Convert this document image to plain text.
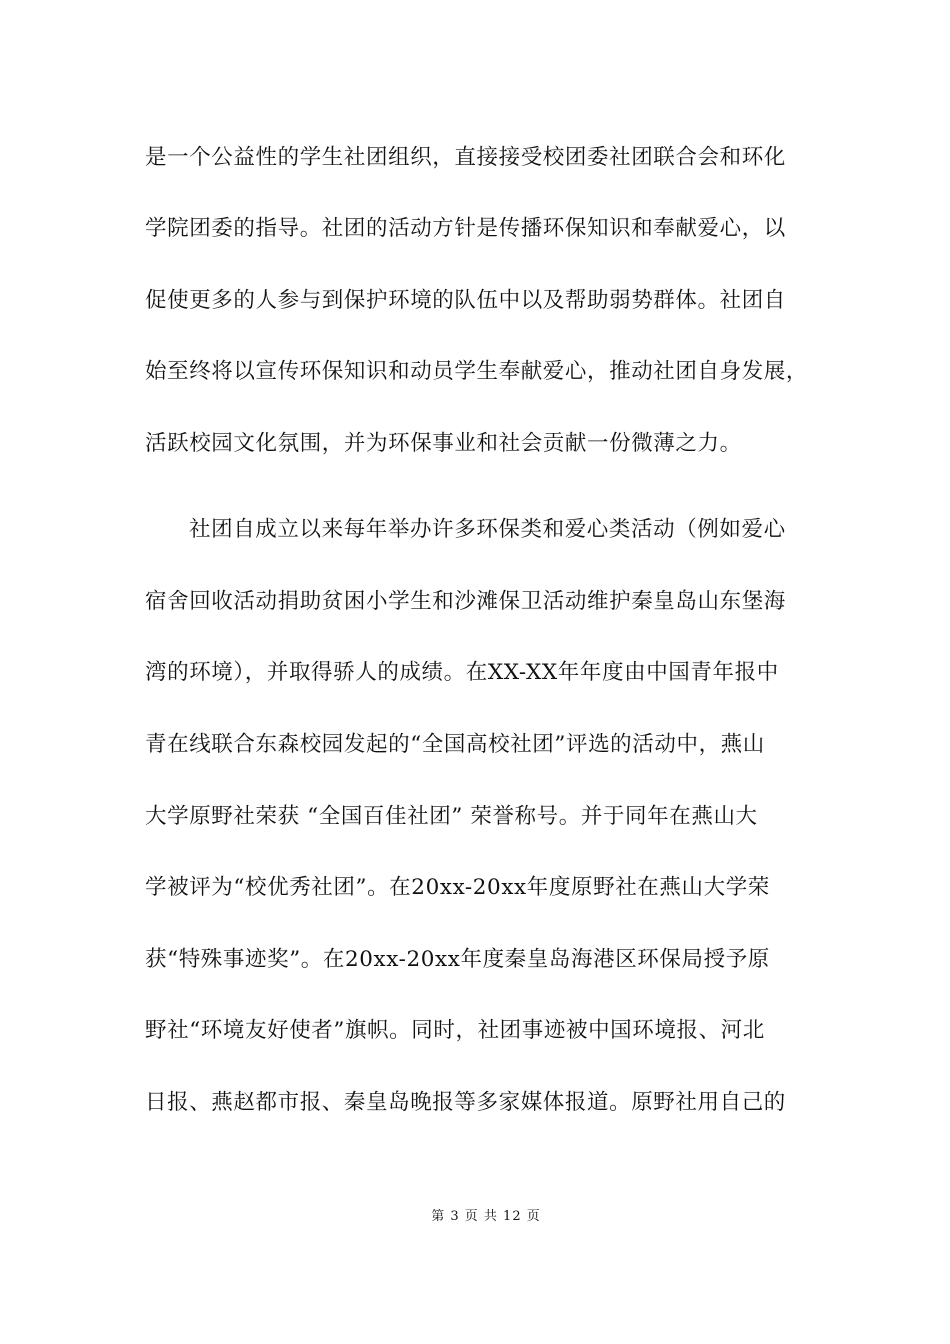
是一个公益性的学生社团组织，直接接受校团委社团联合会和环化
学院团委的指导。社团的活动方针是传播环保知识和奉献爱心，以
促使更多的人参与到保护环境的队伍中以及帮助弱势群体。社团自
始至终将以宣传环保知识和动员学生奉献爱心，推动社团自身发展，
活跃校园文化氛围，并为环保事业和社会贡献一份微薄之力。
社团自成立以来每年举办许多环保类和爱心类活动（例如爱心
宿舍回收活动捐助贫困小学生和沙滩保卫活动维护秦皇岛山东堡海
湾的环境），并取得骄人的成绩。在XX-XX年年度由中国青年报中
青在线联合东森校园发起的“全国高校社团”评选的活动中，燕山
大学原野社荣获 “全国百佳社团” 荣誉称号。并于同年在燕山大
学被评为“校优秀社团”。在20xx-20xx年度原野社在燕山大学荣
获“特殊事迹奖”。在20xx-20xx年度秦皇岛海港区环保局授予原
野社“环境友好使者”旗帜。同时，社团事迹被中国环境报、河北
日报、燕赵都市报、秦皇岛晚报等多家媒体报道。原野社用自己的
第 3 页 共 12 页
